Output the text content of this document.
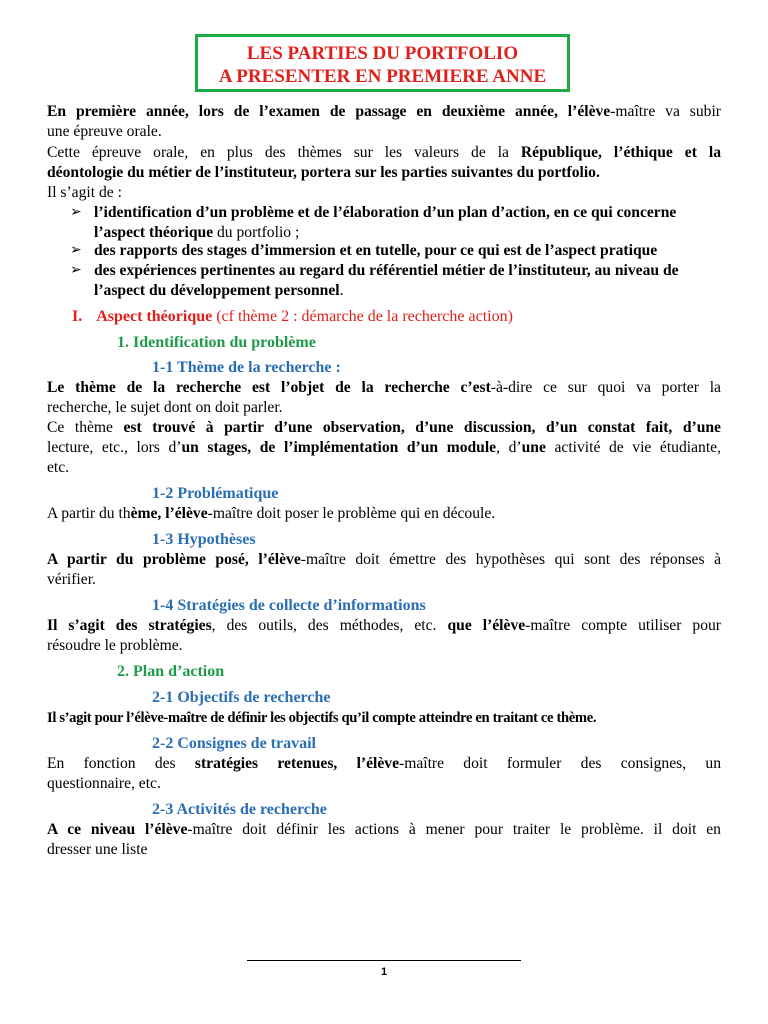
LES PARTIES DU PORTFOLIO
A PRESENTER EN PREMIERE ANNE
En première année, lors de l’examen de passage en deuxième année, l’élève-maître va subir
une épreuve orale.
Cette épreuve orale, en plus des thèmes sur les valeurs de la République, l’éthique et la
déontologie du métier de l’instituteur, portera sur les parties suivantes du portfolio.
Il s’agit de :
➢ l’identification d’un problème et de l’élaboration d’un plan d’action, en ce qui concerne
l’aspect théorique du portfolio ;
➢ des rapports des stages d’immersion et en tutelle, pour ce qui est de l’aspect pratique
➢ des expériences pertinentes au regard du référentiel métier de l’instituteur, au niveau de
l’aspect du développement personnel.
I. Aspect théorique (cf thème 2 : démarche de la recherche action)
1. Identification du problème
1-1 Thème de la recherche :
Le thème de la recherche est l’objet de la recherche c’est-à-dire ce sur quoi va porter la
recherche, le sujet dont on doit parler.
Ce thème est trouvé à partir d’une observation, d’une discussion, d’un constat fait, d’une
lecture, etc., lors d’un stages, de l’implémentation d’un module, d’une activité de vie étudiante,
etc.
1-2 Problématique
A partir du thème, l’élève-maître doit poser le problème qui en découle.
1-3 Hypothèses
A partir du problème posé, l’élève-maître doit émettre des hypothèses qui sont des réponses à
vérifier.
1-4 Stratégies de collecte d’informations
Il s’agit des stratégies, des outils, des méthodes, etc. que l’élève-maître compte utiliser pour
résoudre le problème.
2. Plan d’action
2-1 Objectifs de recherche
Il s’agit pour l’élève-maître de définir les objectifs qu’il compte atteindre en traitant ce thème.
2-2 Consignes de travail
En fonction des stratégies retenues, l’élève-maître doit formuler des consignes, un
questionnaire, etc.
2-3 Activités de recherche
A ce niveau l’élève-maître doit définir les actions à mener pour traiter le problème. il doit en
dresser une liste
1
